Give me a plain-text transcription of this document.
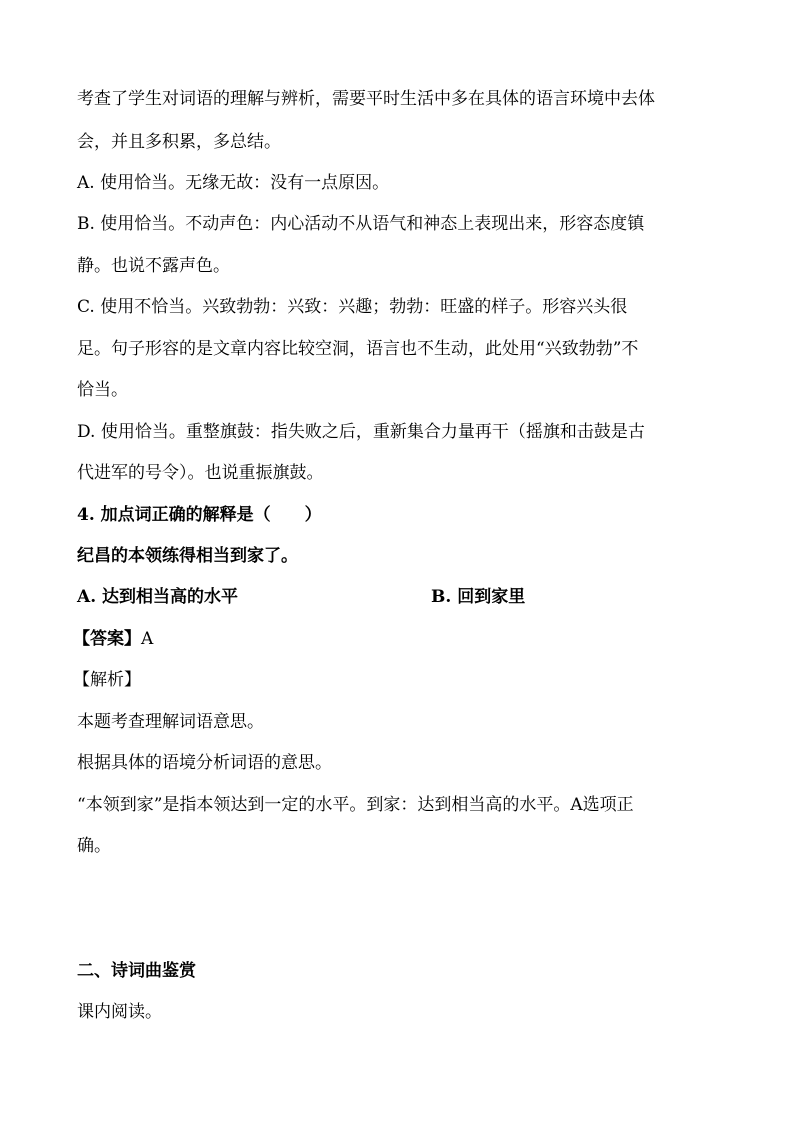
考查了学生对词语的理解与辨析，需要平时生活中多在具体的语言环境中去体
会，并且多积累，多总结。
A. 使用恰当。无缘无故：没有一点原因。
B. 使用恰当。不动声色：内心活动不从语气和神态上表现出来，形容态度镇
静。也说不露声色。
C. 使用不恰当。兴致勃勃：兴致：兴趣；勃勃：旺盛的样子。形容兴头很
足。句子形容的是文章内容比较空洞，语言也不生动，此处用“兴致勃勃”不
恰当。
D. 使用恰当。重整旗鼓：指失败之后，重新集合力量再干（摇旗和击鼓是古
代进军的号令）。也说重振旗鼓。
4. 加点词正确的解释是（　　）
纪昌的本领练得相当到家了。
A. 达到相当高的水平	B. 回到家里
【答案】A
【解析】
本题考查理解词语意思。
根据具体的语境分析词语的意思。
“本领到家”是指本领达到一定的水平。到家：达到相当高的水平。A选项正
确。
二、诗词曲鉴赏
课内阅读。
